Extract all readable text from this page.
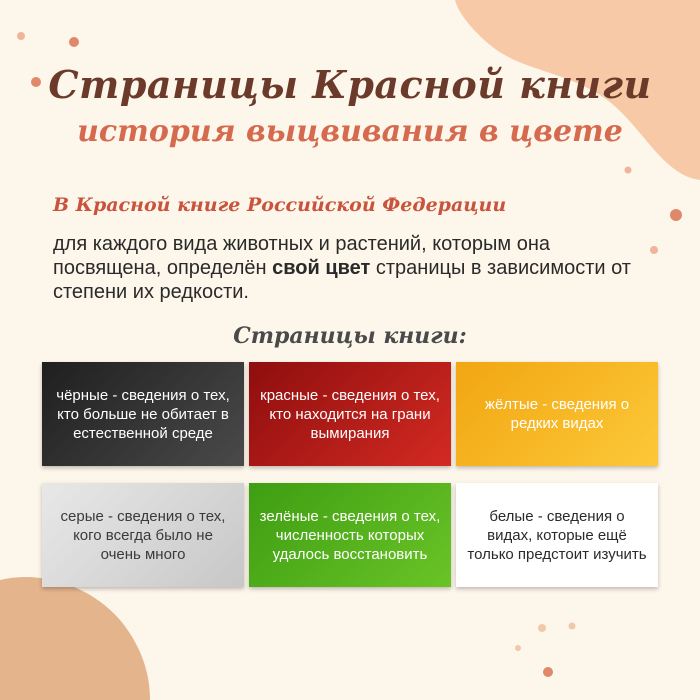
Страницы Красной книги
история выцвивания в цвете
В Красной книге Российской Федерации
для каждого вида животных и растений, которым она посвящена, определён свой цвет страницы в зависимости от степени их редкости.
Страницы книги:
чёрные - сведения о тех, кто больше не обитает в естественной среде
красные - сведения о тех, кто находится на грани вымирания
жёлтые - сведения о редких видах
серые - сведения о тех, кого всегда было не очень много
зелёные - сведения о тех, численность которых удалось восстановить
белые - сведения о видах, которые ещё только предстоит изучить
